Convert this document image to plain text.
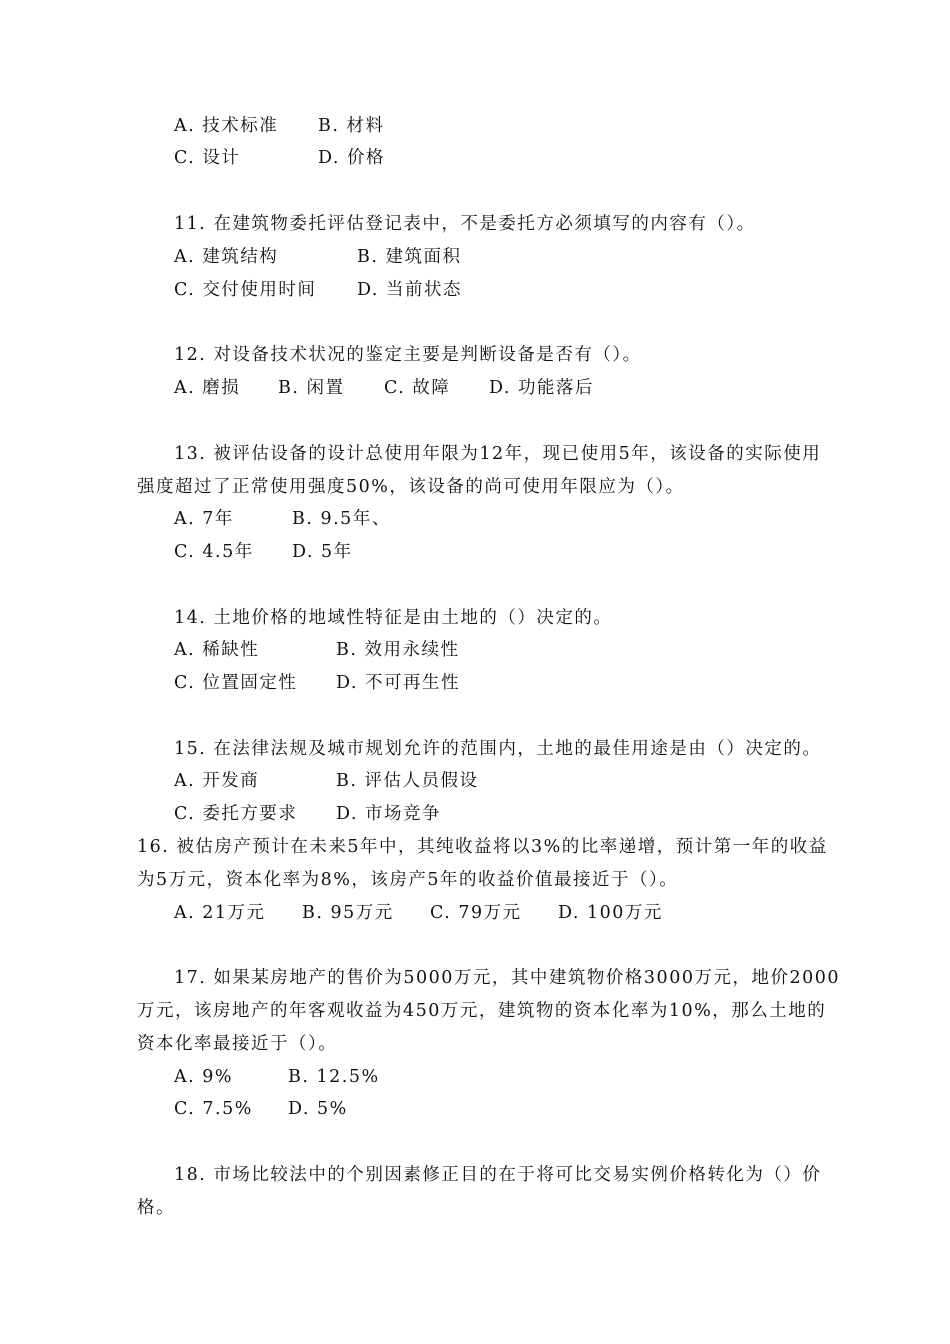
A. 技术标准 B. 材料
C. 设计	D. 价格
11. 在建筑物委托评估登记表中，不是委托方必须填写的内容有（）。
A. 建筑结构	B. 建筑面积
C. 交付使用时间 D. 当前状态
12. 对设备技术状况的鉴定主要是判断设备是否有（）。
A. 磨损 B. 闲置 C. 故障 D. 功能落后
13. 被评估设备的设计总使用年限为12年，现已使用5年，该设备的实际使用
强度超过了正常使用强度50%，该设备的尚可使用年限应为（）。
A. 7年	B. 9.5年、
C. 4.5年 D. 5年
14. 土地价格的地域性特征是由土地的（）决定的。
A. 稀缺性	B. 效用永续性
C. 位置固定性 D. 不可再生性
15. 在法律法规及城市规划允许的范围内，土地的最佳用途是由（）决定的。
A. 开发商	B. 评估人员假设
C. 委托方要求 D. 市场竞争
16. 被估房产预计在未来5年中，其纯收益将以3%的比率递增，预计第一年的收益
为5万元，资本化率为8%，该房产5年的收益价值最接近于（）。
A. 21万元 B. 95万元 C. 79万元 D. 100万元
17. 如果某房地产的售价为5000万元，其中建筑物价格3000万元，地价2000
万元，该房地产的年客观收益为450万元，建筑物的资本化率为10%，那么土地的
资本化率最接近于（）。
A. 9%	B. 12.5%
C. 7.5% D. 5%
18. 市场比较法中的个别因素修正目的在于将可比交易实例价格转化为（）价
格。
